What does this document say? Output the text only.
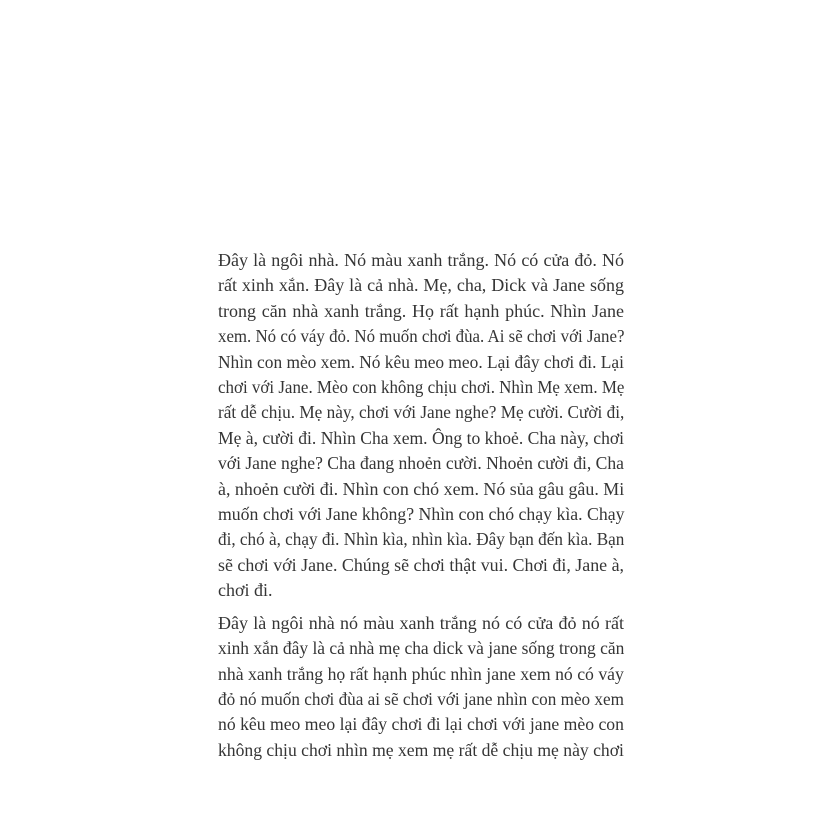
Đây là ngôi nhà. Nó màu xanh trắng. Nó có cửa đỏ. Nó
rất xinh xắn. Đây là cả nhà. Mẹ, cha, Dick và Jane sống
trong căn nhà xanh trắng. Họ rất hạnh phúc. Nhìn Jane
xem. Nó có váy đỏ. Nó muốn chơi đùa. Ai sẽ chơi với Jane?
Nhìn con mèo xem. Nó kêu meo meo. Lại đây chơi đi. Lại
chơi với Jane. Mèo con không chịu chơi. Nhìn Mẹ xem. Mẹ
rất dễ chịu. Mẹ này, chơi với Jane nghe? Mẹ cười. Cười đi,
Mẹ à, cười đi. Nhìn Cha xem. Ông to khoẻ. Cha này, chơi
với Jane nghe? Cha đang nhoẻn cười. Nhoẻn cười đi, Cha
à, nhoẻn cười đi. Nhìn con chó xem. Nó sủa gâu gâu. Mi
muốn chơi với Jane không? Nhìn con chó chạy kìa. Chạy
đi, chó à, chạy đi. Nhìn kìa, nhìn kìa. Đây bạn đến kìa. Bạn
sẽ chơi với Jane. Chúng sẽ chơi thật vui. Chơi đi, Jane à,
chơi đi.
Đây là ngôi nhà nó màu xanh trắng nó có cửa đỏ nó rất
xinh xắn đây là cả nhà mẹ cha dick và jane sống trong căn
nhà xanh trắng họ rất hạnh phúc nhìn jane xem nó có váy
đỏ nó muốn chơi đùa ai sẽ chơi với jane nhìn con mèo xem
nó kêu meo meo lại đây chơi đi lại chơi với jane mèo con
không chịu chơi nhìn mẹ xem mẹ rất dễ chịu mẹ này chơi
